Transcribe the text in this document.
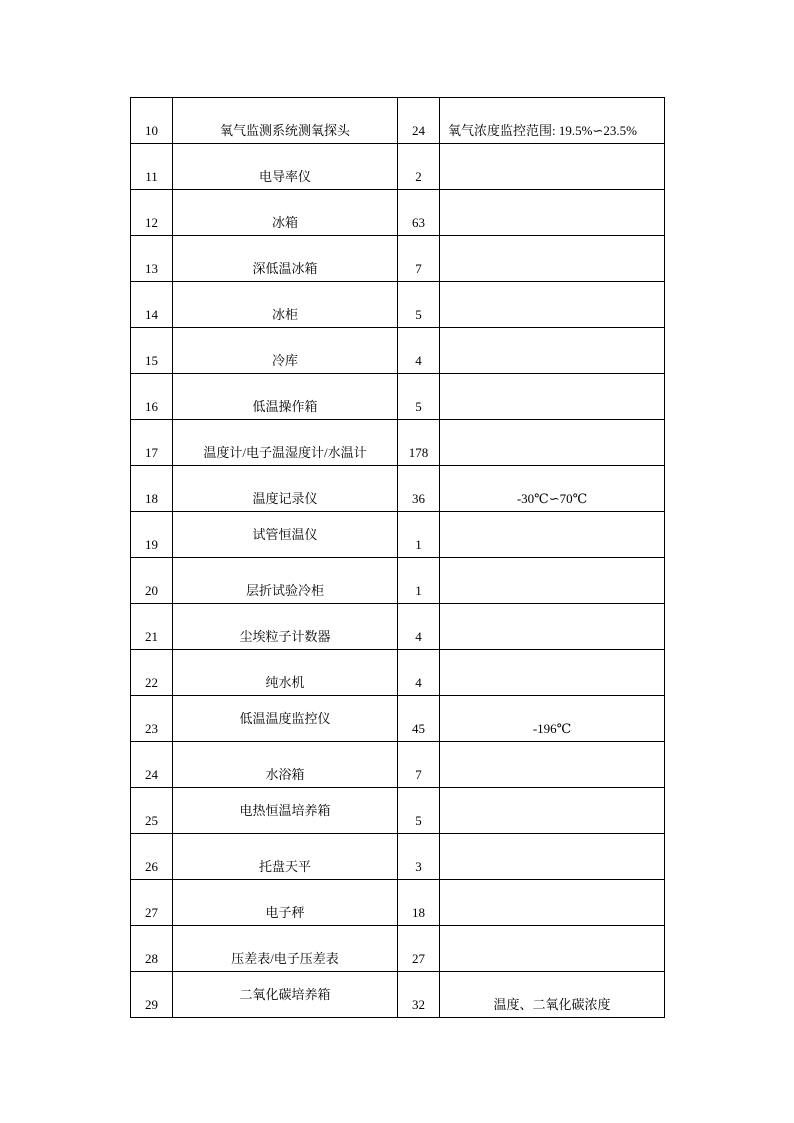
10	氧气监测系统测氧探头	24	氧气浓度监控范围: 19.5%∽23.5%
11	电导率仪	2	
12	冰箱	63	
13	深低温冰箱	7	
14	冰柜	5	
15	冷库	4	
16	低温操作箱	5	
17	温度计/电子温湿度计/水温计	178	
18	温度记录仪	36	-30℃∽70℃
19	试管恒温仪	1	
20	层折试验冷柜	1	
21	尘埃粒子计数器	4	
22	纯水机	4	
23	低温温度监控仪	45	-196℃
24	水浴箱	7	
25	电热恒温培养箱	5	
26	托盘天平	3	
27	电子秤	18	
28	压差表/电子压差表	27	
29	二氧化碳培养箱	32	温度、二氧化碳浓度
